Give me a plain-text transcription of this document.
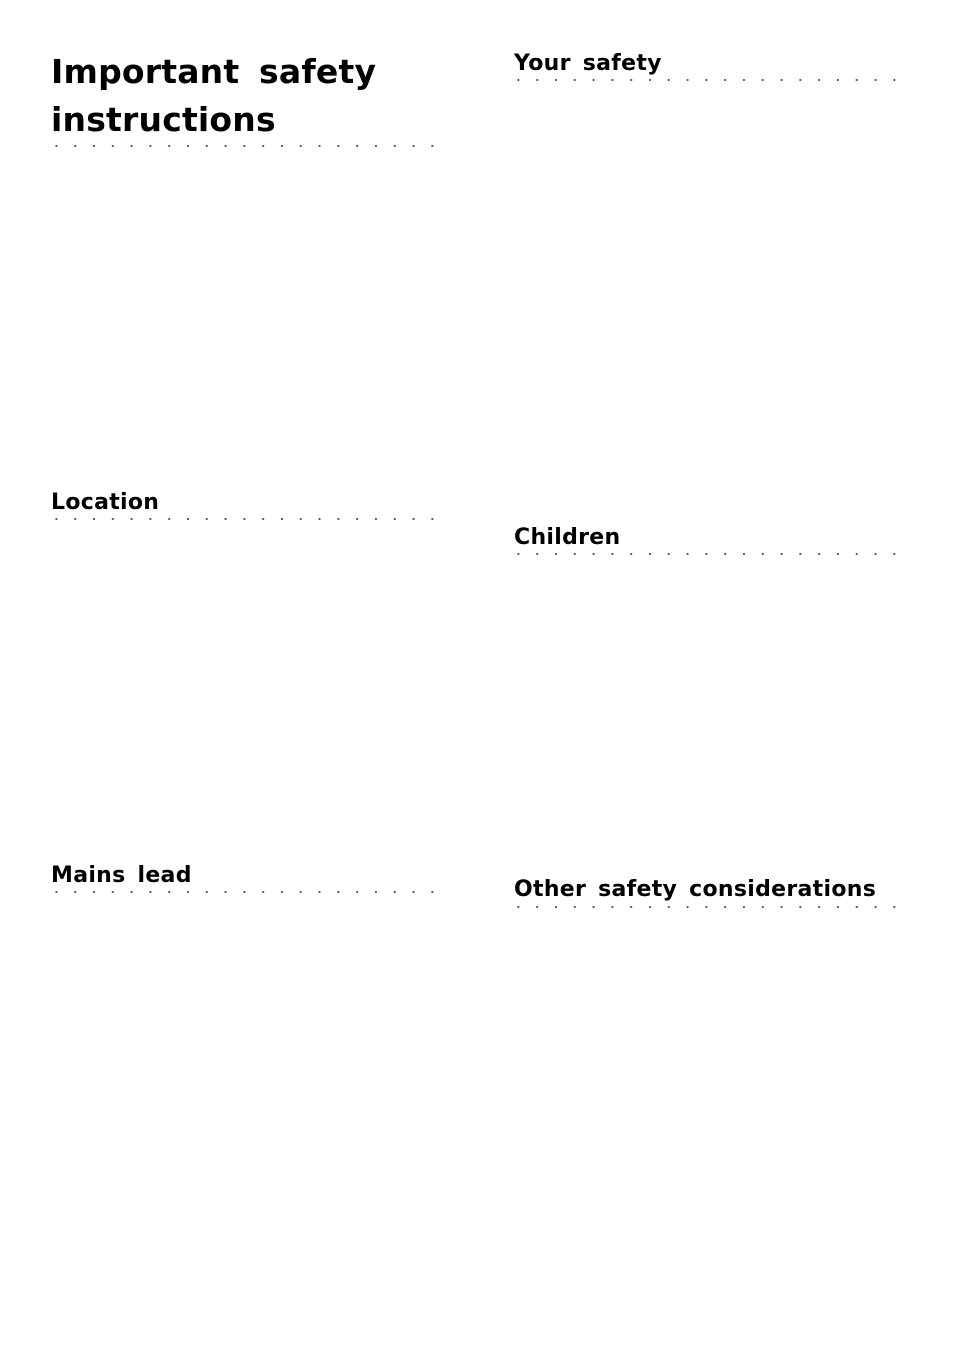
Important safety
instructions
Your safety
Location
Children
Mains lead
Other safety considerations
